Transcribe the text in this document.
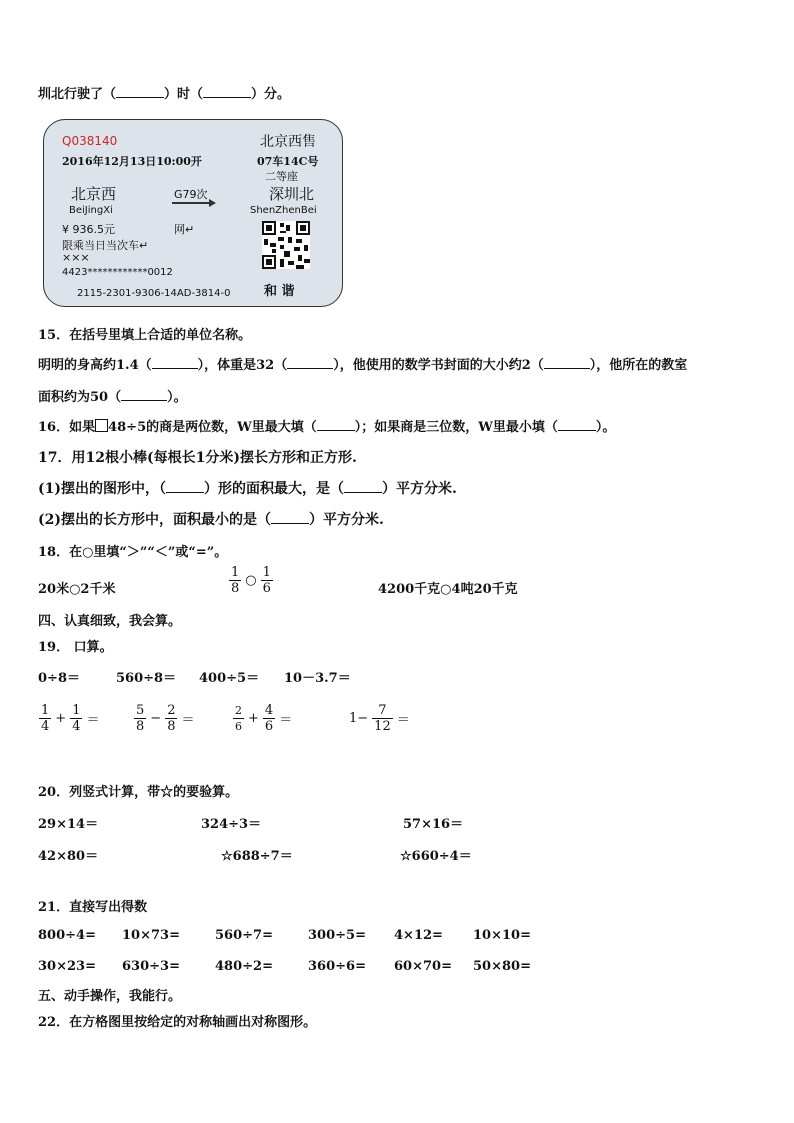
圳北行驶了（	）时（	）分。
Q038140	北京西售
2016年12月13日10:00开	07车14C号
二等座
北京西	G79次	深圳北
BeiJingXi	ShenZhenBei
¥ 936.5元	网↵
限乘当日当次车↵
×××
4423************0012
2115-2301-9306-14AD-3814-0	和 谐
15．在括号里填上合适的单位名称。
明明的身高约1.4（	），体重是32（	），他使用的数学书封面的大小约2（	），他所在的教室
面积约为50（	）。
16．如果 48÷5的商是两位数，W里最大填（	）；如果商是三位数，W里最小填（	）。
17．用12根小棒(每根长1分米)摆长方形和正方形.
(1)摆出的图形中，（	）形的面积最大，是（	）平方分米.
(2)摆出的长方形中，面积最小的是（	）平方分米.
18．在○里填“＞”“＜”或“=”。
20米○2千米	$\frac{1}{8}$ ○ $\frac{1}{6}$	4200千克○4吨20千克
四、认真细致，我会算。
19． 口算。
0÷8＝	560÷8＝ 400÷5＝ 10－3.7＝
$\frac{1}{4} + \frac{1}{4}$ ＝	$\frac{5}{8} - \frac{2}{8}$ ＝	$\frac{2}{6} + \frac{4}{6}$ ＝	$1- \frac{7}{12}$ ＝
20．列竖式计算，带☆的要验算。
29×14＝	324÷3＝	57×16＝
42×80＝	☆688÷7＝	☆660÷4＝
21．直接写出得数
800÷4= 10×73=	560÷7=	300÷5= 4×12= 10×10=
30×23= 630÷3=	480÷2=	360÷6= 60×70= 50×80=
五、动手操作，我能行。
22．在方格图里按给定的对称轴画出对称图形。
